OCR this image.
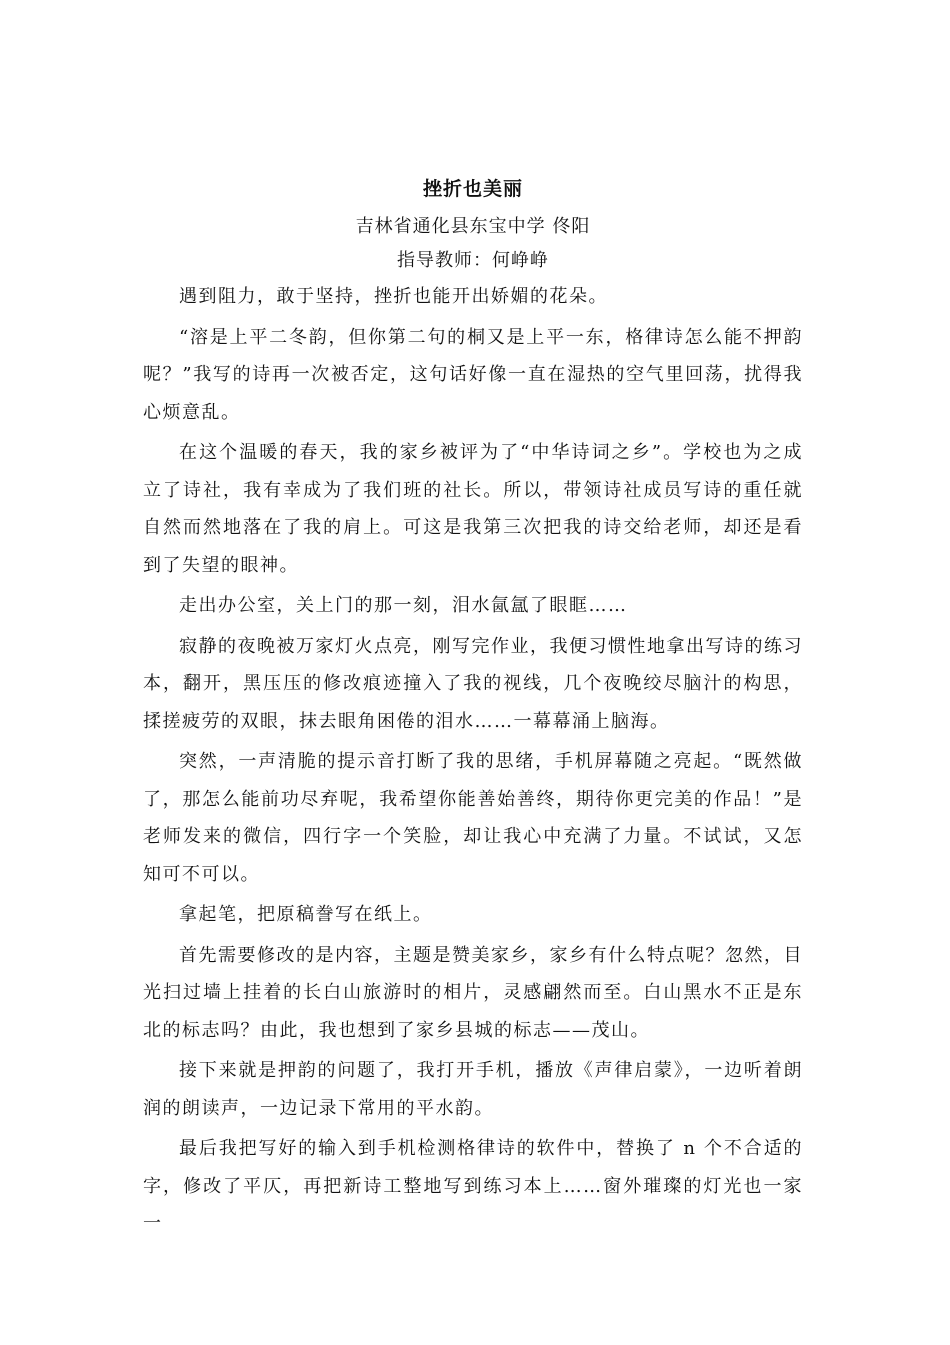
挫折也美丽
吉林省通化县东宝中学 佟阳
指导教师：何峥峥

遇到阻力，敢于坚持，挫折也能开出娇媚的花朵。

“溶是上平二冬韵，但你第二句的桐又是上平一东，格律诗怎么能不押韵呢？”我写的诗再一次被否定，这句话好像一直在湿热的空气里回荡，扰得我心烦意乱。

在这个温暖的春天，我的家乡被评为了“中华诗词之乡”。学校也为之成立了诗社，我有幸成为了我们班的社长。所以，带领诗社成员写诗的重任就自然而然地落在了我的肩上。可这是我第三次把我的诗交给老师，却还是看到了失望的眼神。

走出办公室，关上门的那一刻，泪水氤氲了眼眶……

寂静的夜晚被万家灯火点亮，刚写完作业，我便习惯性地拿出写诗的练习本，翻开，黑压压的修改痕迹撞入了我的视线，几个夜晚绞尽脑汁的构思，揉搓疲劳的双眼，抹去眼角困倦的泪水……一幕幕涌上脑海。

突然，一声清脆的提示音打断了我的思绪，手机屏幕随之亮起。“既然做了，那怎么能前功尽弃呢，我希望你能善始善终，期待你更完美的作品！”是老师发来的微信，四行字一个笑脸，却让我心中充满了力量。不试试，又怎知可不可以。

拿起笔，把原稿誊写在纸上。

首先需要修改的是内容，主题是赞美家乡，家乡有什么特点呢？忽然，目光扫过墙上挂着的长白山旅游时的相片，灵感翩然而至。白山黑水不正是东北的标志吗？由此，我也想到了家乡县城的标志——茂山。

接下来就是押韵的问题了，我打开手机，播放《声律启蒙》，一边听着朗润的朗读声，一边记录下常用的平水韵。

最后我把写好的输入到手机检测格律诗的软件中，替换了 n 个不合适的字，修改了平仄，再把新诗工整地写到练习本上……窗外璀璨的灯光也一家一
